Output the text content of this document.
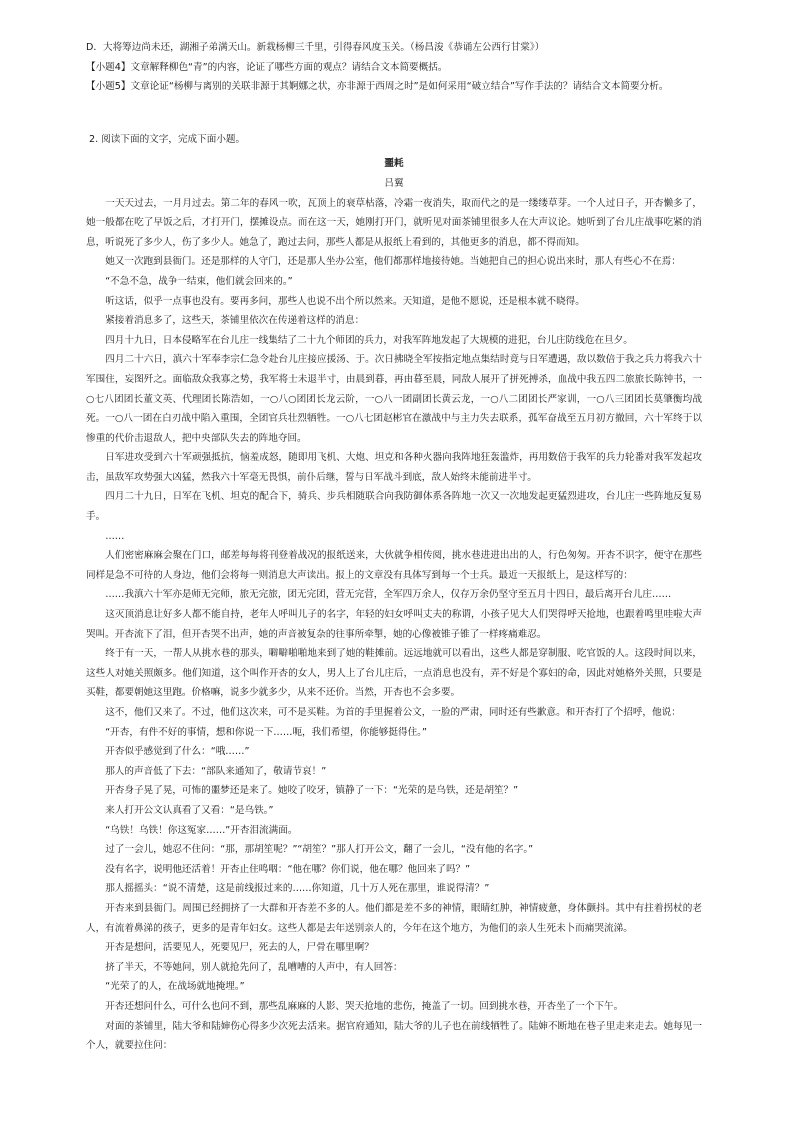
D．大将筹边尚未还，湖湘子弟满天山。新栽杨柳三千里，引得春风度玉关。（杨昌浚《恭诵左公西行甘棠》）

【小题4】文章解释柳色“青”的内容，论证了哪些方面的观点？请结合文本简要概括。

【小题5】文章论证“杨柳与离别的关联非源于其婀娜之状，亦非源于西周之时”是如何采用“破立结合”写作手法的？请结合文本简要分析。

2. 阅读下面的文字，完成下面小题。

噩耗

吕翼

一天天过去，一月月过去。第二年的春风一吹，瓦顶上的衰草枯落，冷霜一夜消失，取而代之的是一缕缕草芽。一个人过日子，开杏懒多了，她一般都在吃了早饭之后，才打开门，摆摊设点。而在这一天，她刚打开门，就听见对面茶铺里很多人在大声议论。她听到了台儿庄战事吃紧的消息，听说死了多少人，伤了多少人。她急了，跑过去问，那些人都是从报纸上看到的，其他更多的消息，都不得而知。

她又一次跑到县衙门。还是那样的人守门，还是那人坐办公室，他们都那样地接待她。当她把自己的担心说出来时，那人有些心不在焉：

“不急不急，战争一结束，他们就会回来的。”

听这话，似乎一点事也没有。要再多问，那些人也说不出个所以然来。天知道，是他不愿说，还是根本就不晓得。

紧接着消息多了，这些天，茶铺里依次在传递着这样的消息：

四月十九日，日本侵略军在台儿庄一线集结了二十九个师团的兵力，对我军阵地发起了大规模的进犯，台儿庄防线危在旦夕。

四月二十六日，滇六十军奉李宗仁急令赴台儿庄接应援汤、于。次日拂晓全军按指定地点集结时竟与日军遭遇，敌以数倍于我之兵力将我六十军围住，妄图歼之。面临敌众我寡之势，我军将士未退半寸，由晨到暮，再由暮至晨，同敌人展开了拼死搏杀，血战中我五四二旅旅长陈钟书，一○七八团团长董文英、代理团长陈浩如，一○八○团团长龙云阶，一○八一团副团长黄云龙，一○八二团团长严家训，一○八三团团长莫肇衡均战死。一○八一团在白刃战中陷入重围，全团官兵壮烈牺牲。一○八七团赵彬官在激战中与主力失去联系，孤军奋战至五月初方撤回，六十军终于以惨重的代价击退敌人，把中央部队失去的阵地夺回。

日军进攻受到六十军顽强抵抗，恼羞成怒，随即用飞机、大炮、坦克和各种火器向我阵地狂轰滥炸，再用数倍于我军的兵力轮番对我军发起攻击，虽敌军攻势强大凶猛，然我六十军毫无畏惧，前仆后继，誓与日军战斗到底，敌人始终未能前进半寸。

四月二十九日，日军在飞机、坦克的配合下，骑兵、步兵相随联合向我防御体系各阵地一次又一次地发起更猛烈进攻，台儿庄一些阵地反复易手。

……

人们密密麻麻会聚在门口，邮差每每将刊登着战况的报纸送来，大伙就争相传阅，挑水巷进进出出的人，行色匆匆。开杏不识字，便守在那些同样是急不可待的人身边，他们会将每一则消息大声读出。报上的文章没有具体写到每一个士兵。最近一天报纸上，是这样写的：

……我滇六十军亦是师无完师，旅无完旅，团无完团，营无完营，全军四万余人，仅存万余仍坚守至五月十四日，最后离开台儿庄……

这灭顶消息让好多人都不能自持，老年人呼叫儿子的名字，年轻的妇女呼叫丈夫的称谓，小孩子见大人们哭得呼天抢地，也跟着鸣里哇啦大声哭叫。开杏流下了泪，但开杏哭不出声，她的声音被复杂的往事所牵掣，她的心像被锥子锥了一样疼痛难忍。

终于有一天，一帮人从挑水巷的那头，噼噼啪啪地来到了她的鞋摊前。远远地就可以看出，这些人都是穿制服、吃官饭的人。这段时间以来，这些人对她关照颇多。他们知道，这个叫作开杏的女人，男人上了台儿庄后，一点消息也没有，弄不好是个寡妇的命，因此对她格外关照，只要是买鞋，都要朝她这里跑。价格嘛，说多少就多少，从来不还价。当然，开杏也不会多要。

这不，他们又来了。不过，他们这次来，可不是买鞋。为首的手里握着公文，一脸的严肃，同时还有些歉意。和开杏打了个招呼，他说：

“开杏，有件不好的事情，想和你说一下……呃，我们希望，你能够挺得住。”

开杏似乎感觉到了什么：“哦……”

那人的声音低了下去：“部队来通知了，敬请节哀！”

开杏身子晃了晃，可怖的噩梦还是来了。她咬了咬牙，镇静了一下：“光荣的是乌铁，还是胡笙？”

来人打开公文认真看了又看：“是乌铁。”

“乌铁！乌铁！你这冤家……”开杏泪流满面。

过了一会儿，她忍不住问：“那，那胡笙呢？”“胡笙？”那人打开公文，翻了一会儿，“没有他的名字。”

没有名字，说明他还活着！开杏止住鸣咽：“他在哪？你们说，他在哪？他回来了吗？”

那人摇摇头：“说不清楚，这是前线报过来的……你知道，几十万人死在那里，谁说得清？”

开杏来到县衙门。周围已经拥挤了一大群和开杏差不多的人。他们都是差不多的神情，眼睛红肿，神情疲惫，身体颤抖。其中有拄着拐杖的老人，有流着鼻涕的孩子，更多的是青年妇女。这些人都是去年送别亲人的，今年在这个地方，为他们的亲人生死未卜而痛哭流涕。

开杏是想问，活要见人，死要见尸，死去的人，尸骨在哪里啊？

挤了半天，不等她问，别人就抢先问了，乱嘈嘈的人声中，有人回答：

“光荣了的人，在战场就地掩埋。”

开杏还想问什么，可什么也问不到，那些乱麻麻的人影、哭天抢地的悲伤，掩盖了一切。回到挑水巷，开杏坐了一个下午。

对面的茶铺里，陆大爷和陆婶伤心得多少次死去活来。据官府通知，陆大爷的儿子也在前线牺牲了。陆婶不断地在巷子里走来走去。她每见一个人，就要拉住问：
